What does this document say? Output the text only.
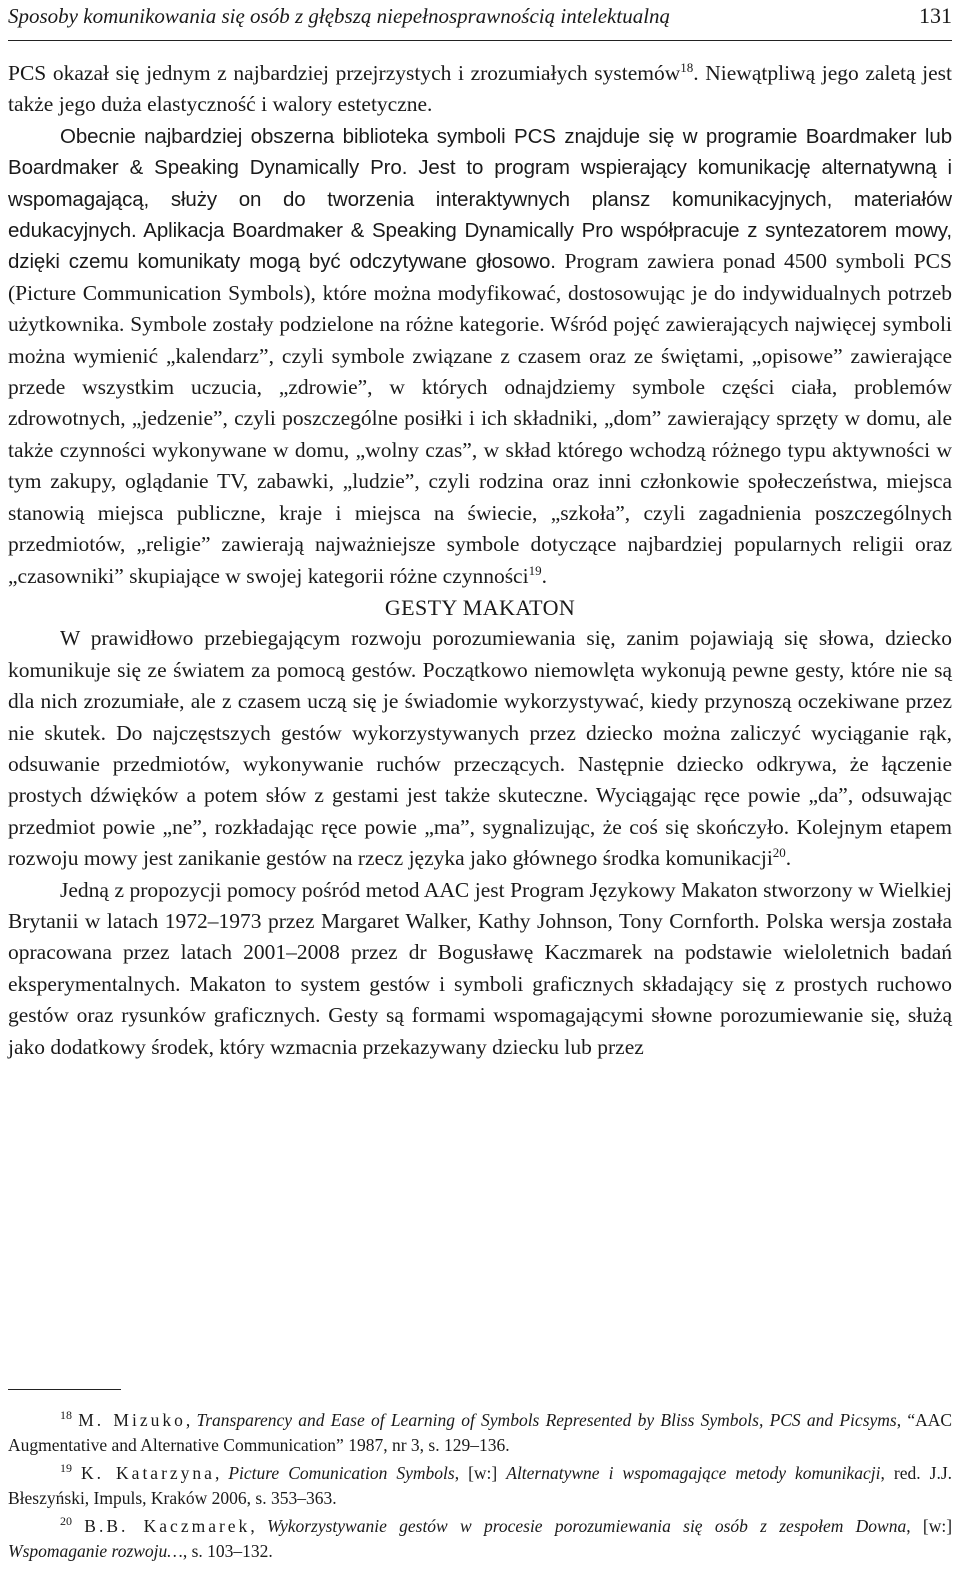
Sposoby komunikowania się osób z głębszą niepełnosprawnością intelektualną	131

PCS okazał się jednym z najbardziej przejrzystych i zrozumiałych systemów$^{18}$. Niewątpliwą jego zaletą jest także jego duża elastyczność i walory estetyczne.

Obecnie najbardziej obszerna biblioteka symboli PCS znajduje się w programie Boardmaker lub Boardmaker & Speaking Dynamically Pro. Jest to program wspierający komunikację alternatywną i wspomagającą, służy on do tworzenia interaktywnych plansz komunikacyjnych, materiałów edukacyjnych. Aplikacja Boardmaker & Speaking Dynamically Pro współpracuje z syntezatorem mowy, dzięki czemu komunikaty mogą być odczytywane głosowo. Program zawiera ponad 4500 symboli PCS (Picture Communication Symbols), które można modyfikować, dostosowując je do indywidualnych potrzeb użytkownika. Symbole zostały podzielone na różne kategorie. Wśród pojęć zawierających najwięcej symboli można wymienić „kalendarz”, czyli symbole związane z czasem oraz ze świętami, „opisowe” zawierające przede wszystkim uczucia, „zdrowie”, w których odnajdziemy symbole części ciała, problemów zdrowotnych, „jedzenie”, czyli poszczególne posiłki i ich składniki, „dom” zawierający sprzęty w domu, ale także czynności wykonywane w domu, „wolny czas”, w skład którego wchodzą różnego typu aktywności w tym zakupy, oglądanie TV, zabawki, „ludzie”, czyli rodzina oraz inni członkowie społeczeństwa, miejsca stanowią miejsca publiczne, kraje i miejsca na świecie, „szkoła”, czyli zagadnienia poszczególnych przedmiotów, „religie” zawierają najważniejsze symbole dotyczące najbardziej popularnych religii oraz „czasowniki” skupiające w swojej kategorii różne czynności$^{19}$.

GESTY MAKATON

W prawidłowo przebiegającym rozwoju porozumiewania się, zanim pojawiają się słowa, dziecko komunikuje się ze światem za pomocą gestów. Początkowo niemowlęta wykonują pewne gesty, które nie są dla nich zrozumiałe, ale z czasem uczą się je świadomie wykorzystywać, kiedy przynoszą oczekiwane przez nie skutek. Do najczęstszych gestów wykorzystywanych przez dziecko można zaliczyć wyciąganie rąk, odsuwanie przedmiotów, wykonywanie ruchów przeczących. Następnie dziecko odkrywa, że łączenie prostych dźwięków a potem słów z gestami jest także skuteczne. Wyciągając ręce powie „da”, odsuwając przedmiot powie „ne”, rozkładając ręce powie „ma”, sygnalizując, że coś się skończyło. Kolejnym etapem rozwoju mowy jest zanikanie gestów na rzecz języka jako głównego środka komunikacji$^{20}$.

Jedną z propozycji pomocy pośród metod AAC jest Program Językowy Makaton stworzony w Wielkiej Brytanii w latach 1972–1973 przez Margaret Walker, Kathy Johnson, Tony Cornforth. Polska wersja została opracowana przez latach 2001–2008 przez dr Bogusławę Kaczmarek na podstawie wieloletnich badań eksperymentalnych. Makaton to system gestów i symboli graficznych składający się z prostych ruchowo gestów oraz rysunków graficznych. Gesty są formami wspomagającymi słowne porozumiewanie się, służą jako dodatkowy środek, który wzmacnia przekazywany dziecku lub przez

$^{18}$ M. Mizuko, Transparency and Ease of Learning of Symbols Represented by Bliss Symbols, PCS and Picsyms, “AAC Augmentative and Alternative Communication” 1987, nr 3, s. 129–136.

$^{19}$ K. Katarzyna, Picture Comunication Symbols, [w:] Alternatywne i wspomagające metody komunikacji, red. J.J. Błeszyński, Impuls, Kraków 2006, s. 353–363.

$^{20}$ B.B. Kaczmarek, Wykorzystywanie gestów w procesie porozumiewania się osób z zespołem Downa, [w:] Wspomaganie rozwoju…, s. 103–132.
